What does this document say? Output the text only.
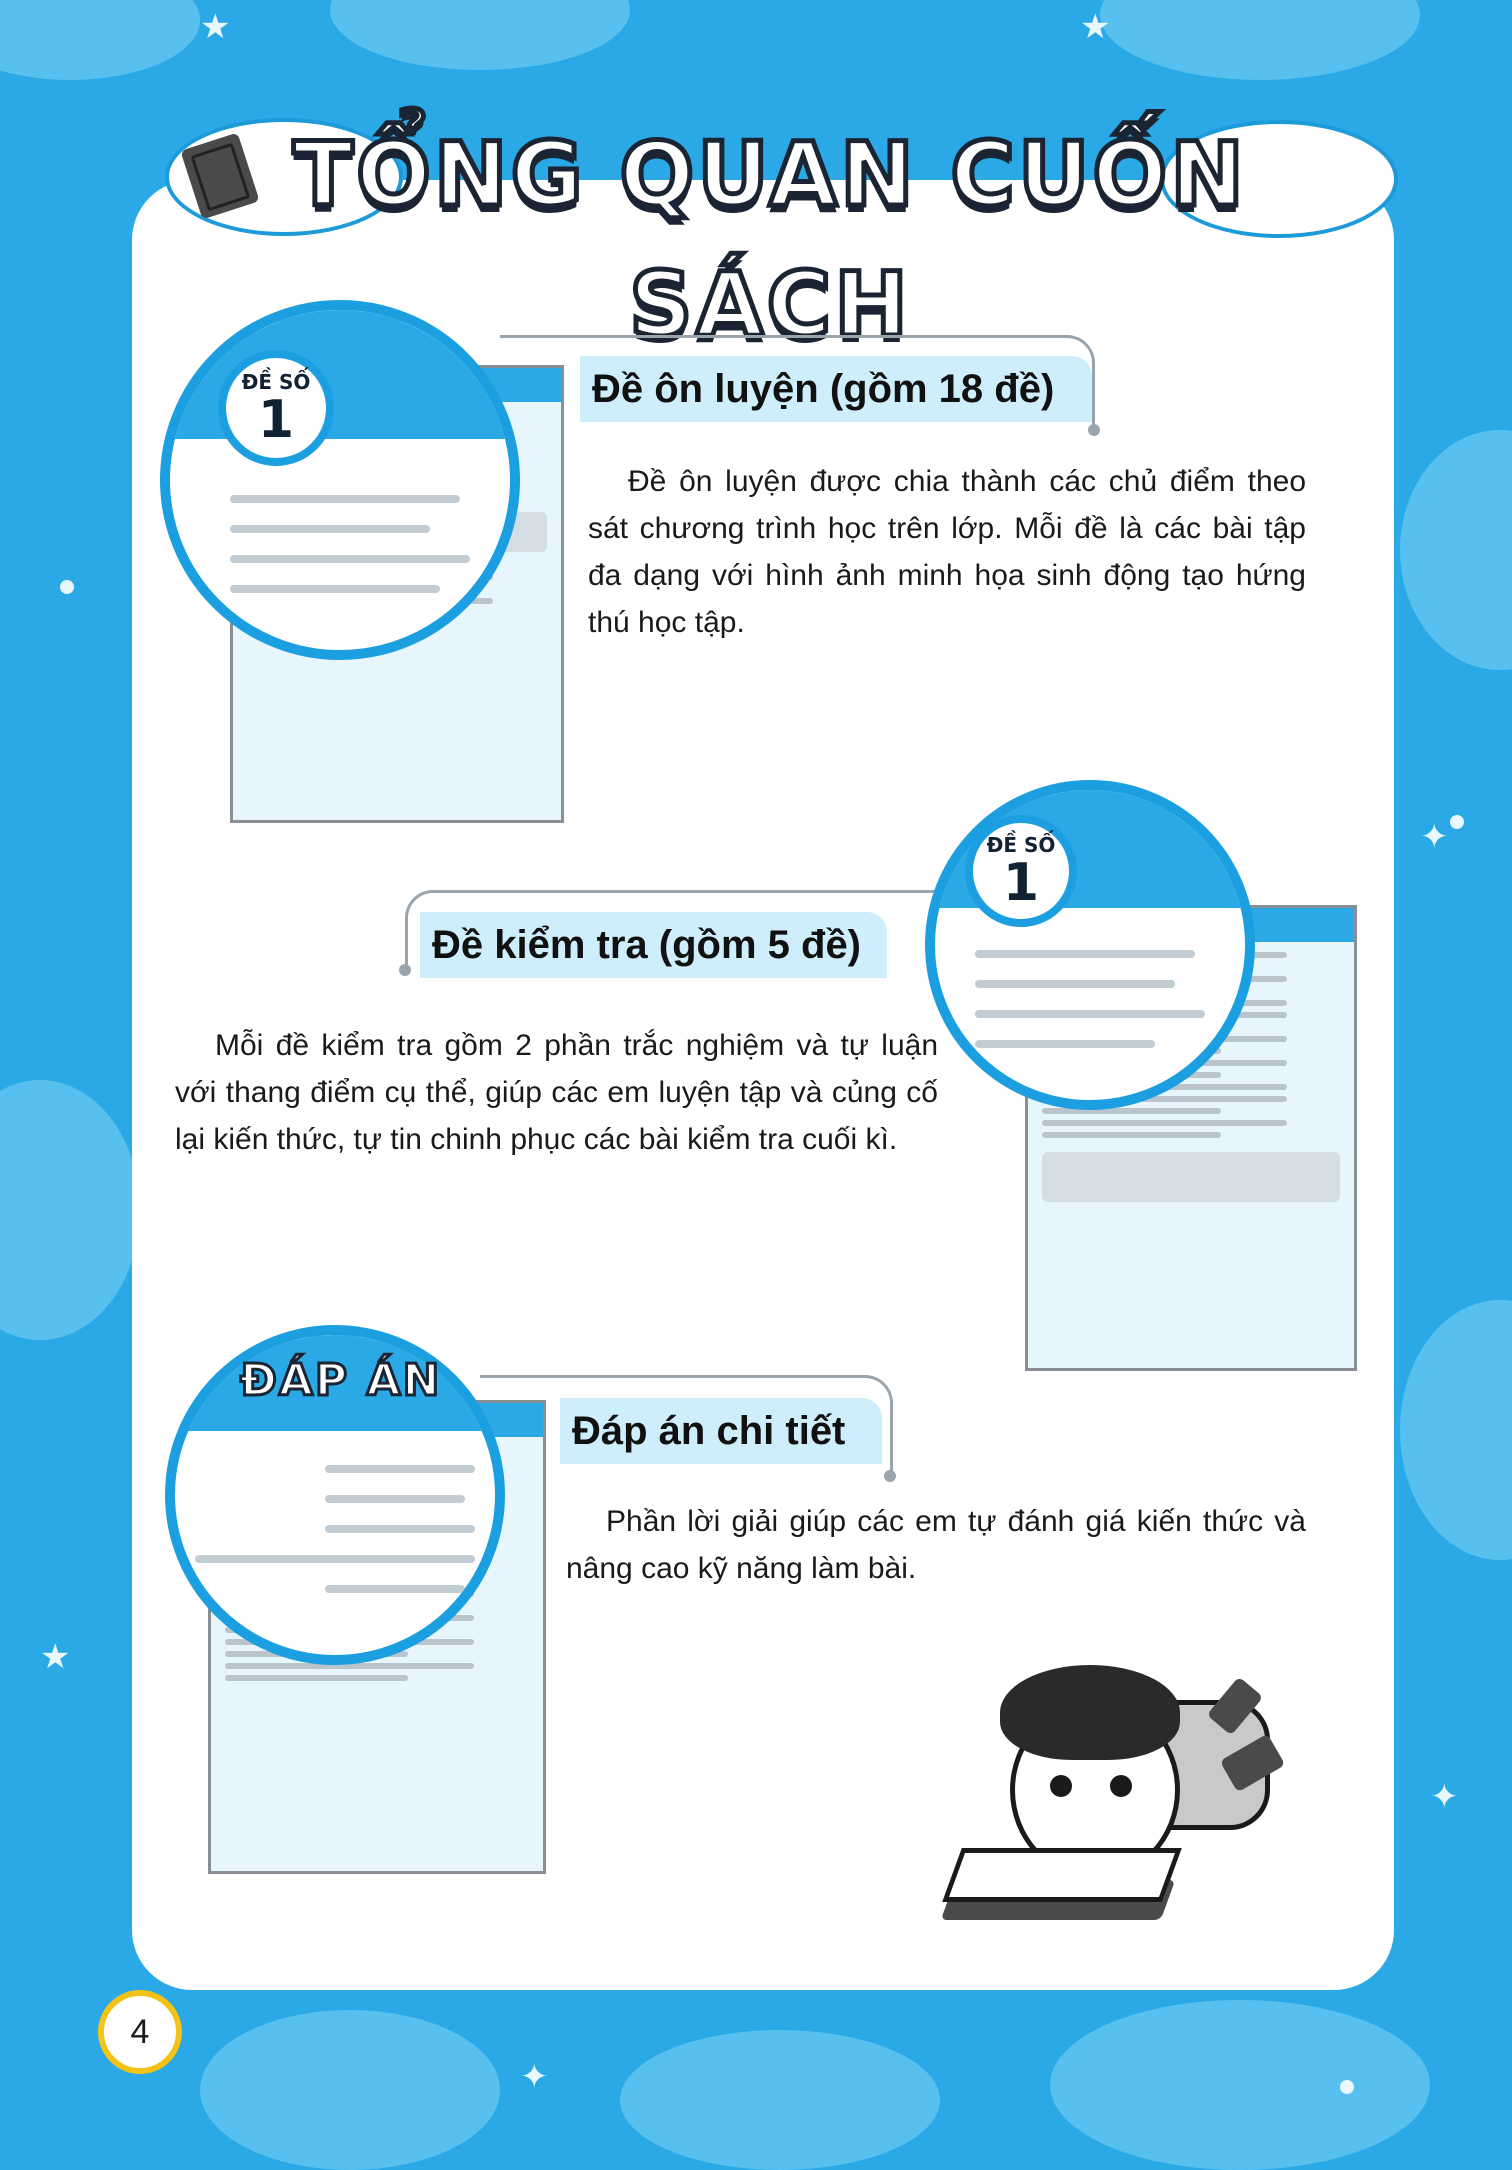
★	★
✦
★
✦
✦
TỔNG QUAN CUỐN SÁCH
ĐỀ SỐ
1
Đề ôn luyện (gồm 18 đề)
Đề ôn luyện được chia thành các chủ điểm theo sát chương trình học trên lớp. Mỗi đề là các bài tập đa dạng với hình ảnh minh họa sinh động tạo hứng thú học tập.
Đề kiểm tra (gồm 5 đề)
Mỗi đề kiểm tra gồm 2 phần trắc nghiệm và tự luận với thang điểm cụ thể, giúp các em luyện tập và củng cố lại kiến thức, tự tin chinh phục các bài kiểm tra cuối kì.
ĐỀ SỐ
1
ĐÁP ÁN
Đáp án chi tiết
Phần lời giải giúp các em tự đánh giá kiến thức và nâng cao kỹ năng làm bài.
4
